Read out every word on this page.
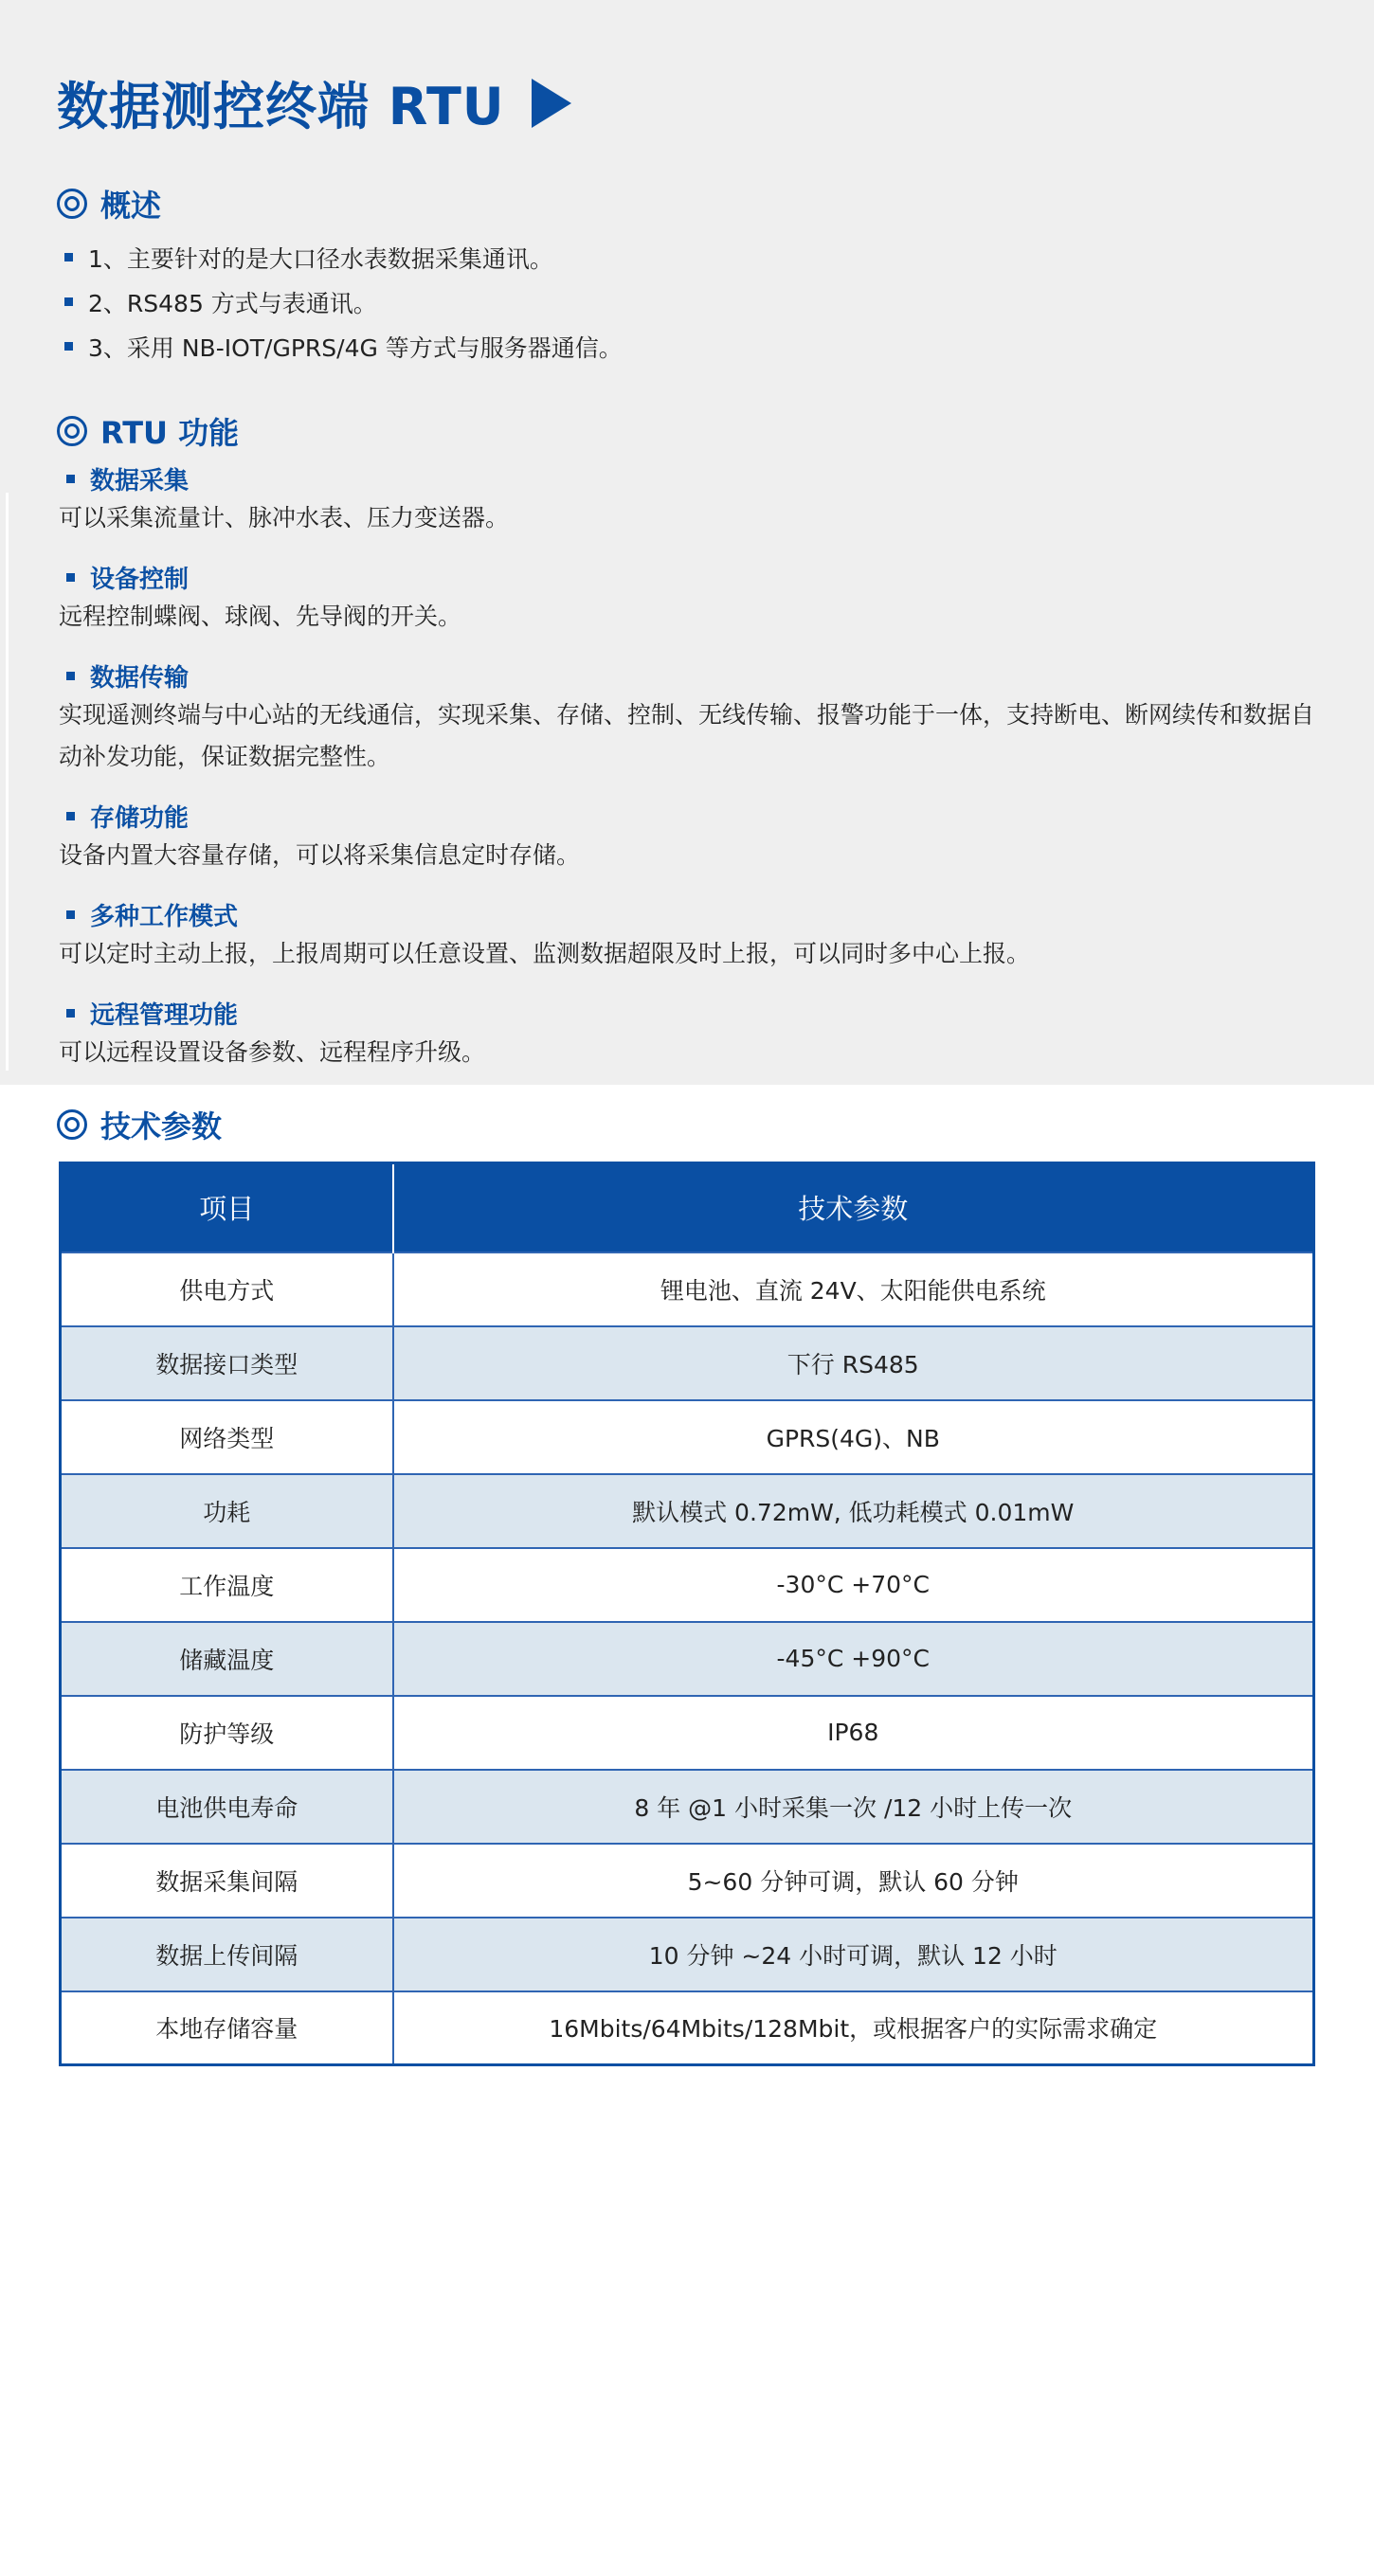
数据测控终端 RTU
概述
1、主要针对的是大口径水表数据采集通讯。
2、RS485 方式与表通讯。
3、采用 NB-IOT/GPRS/4G 等方式与服务器通信。
RTU 功能
数据采集
可以采集流量计、脉冲水表、压力变送器。
设备控制
远程控制蝶阀、球阀、先导阀的开关。
数据传输
实现遥测终端与中心站的无线通信，实现采集、存储、控制、无线传输、报警功能于一体，支持断电、断网续传和数据自动补发功能，保证数据完整性。
存储功能
设备内置大容量存储，可以将采集信息定时存储。
多种工作模式
可以定时主动上报，上报周期可以任意设置、监测数据超限及时上报，可以同时多中心上报。
远程管理功能
可以远程设置设备参数、远程程序升级。
技术参数
项目	技术参数
供电方式	锂电池、直流 24V、太阳能供电系统
数据接口类型	下行 RS485
网络类型	GPRS(4G)、NB
功耗	默认模式 0.72mW, 低功耗模式 0.01mW
工作温度	-30°C +70°C
储藏温度	-45°C +90°C
防护等级	IP68
电池供电寿命	8 年 @1 小时采集一次 /12 小时上传一次
数据采集间隔	5~60 分钟可调，默认 60 分钟
数据上传间隔	10 分钟 ~24 小时可调，默认 12 小时
本地存储容量	16Mbits/64Mbits/128Mbit，或根据客户的实际需求确定
